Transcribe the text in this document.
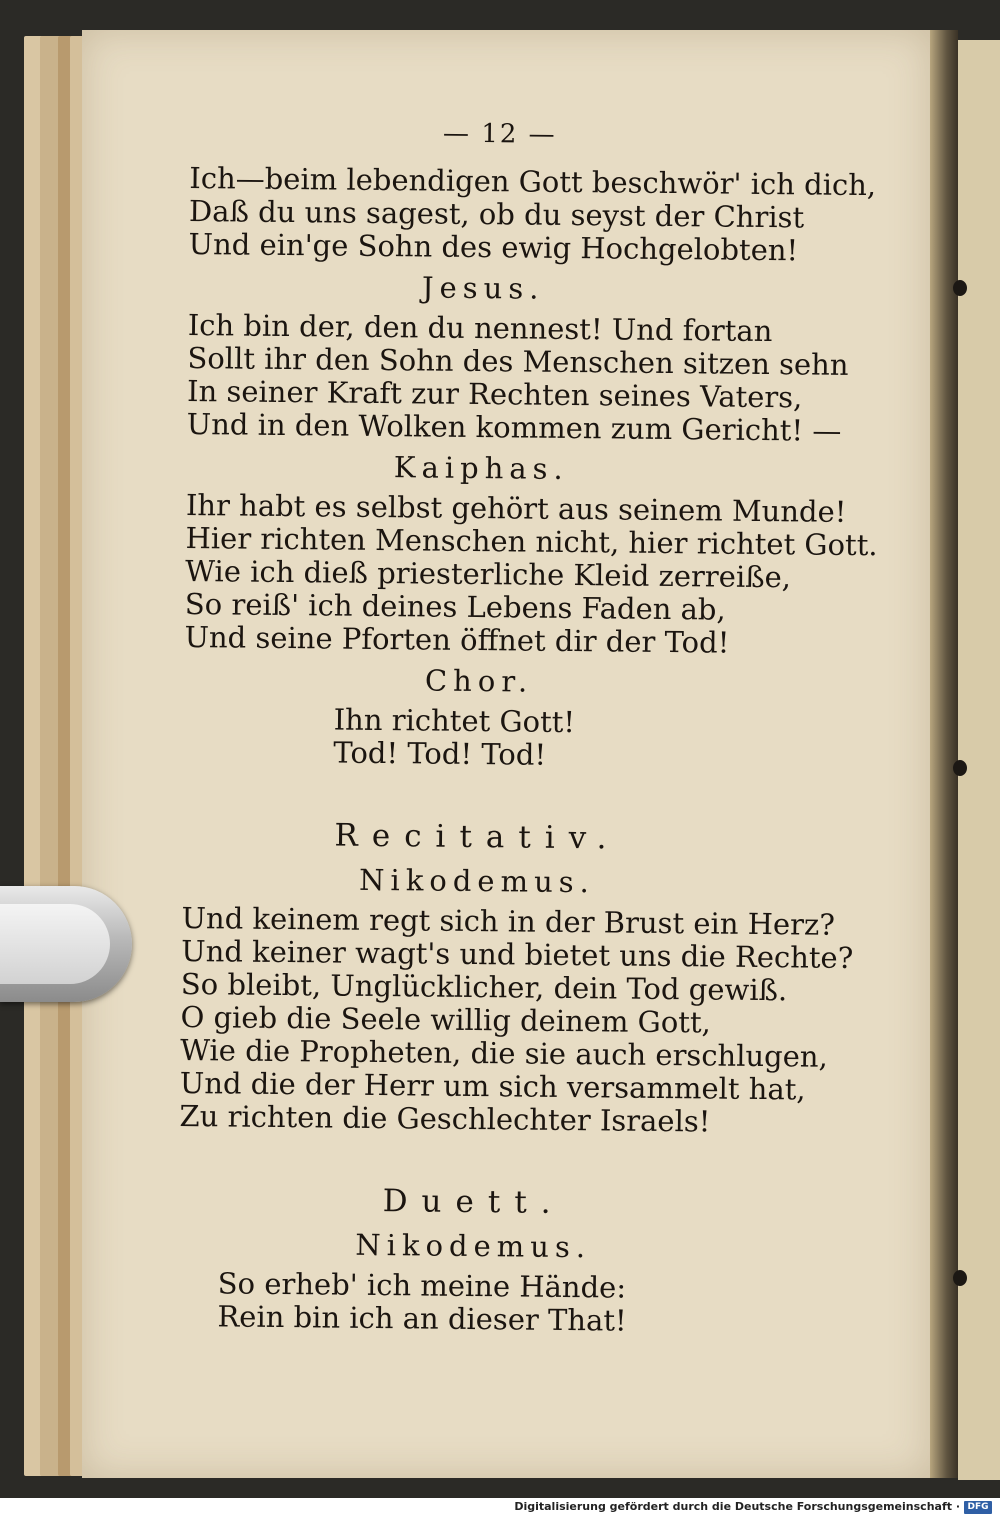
— 12 —
Ich—beim lebendigen Gott beschwör' ich dich,
Daß du uns sagest, ob du seyst der Christ
Und ein'ge Sohn des ewig Hochgelobten!
Jesus.
Ich bin der, den du nennest! Und fortan
Sollt ihr den Sohn des Menschen sitzen sehn
In seiner Kraft zur Rechten seines Vaters,
Und in den Wolken kommen zum Gericht! —
Kaiphas.
Ihr habt es selbst gehört aus seinem Munde!
Hier richten Menschen nicht, hier richtet Gott.
Wie ich dieß priesterliche Kleid zerreiße,
So reiß' ich deines Lebens Faden ab,
Und seine Pforten öffnet dir der Tod!
Chor.
Ihn richtet Gott!
Tod! Tod! Tod!
Recitativ.
Nikodemus.
Und keinem regt sich in der Brust ein Herz?
Und keiner wagt's und bietet uns die Rechte?
So bleibt, Unglücklicher, dein Tod gewiß.
O gieb die Seele willig deinem Gott,
Wie die Propheten, die sie auch erschlugen,
Und die der Herr um sich versammelt hat,
Zu richten die Geschlechter Israels!
Duett.
Nikodemus.
So erheb' ich meine Hände:
Rein bin ich an dieser That!
Digitalisierung gefördert durch die Deutsche Forschungsgemeinschaft · DFG
